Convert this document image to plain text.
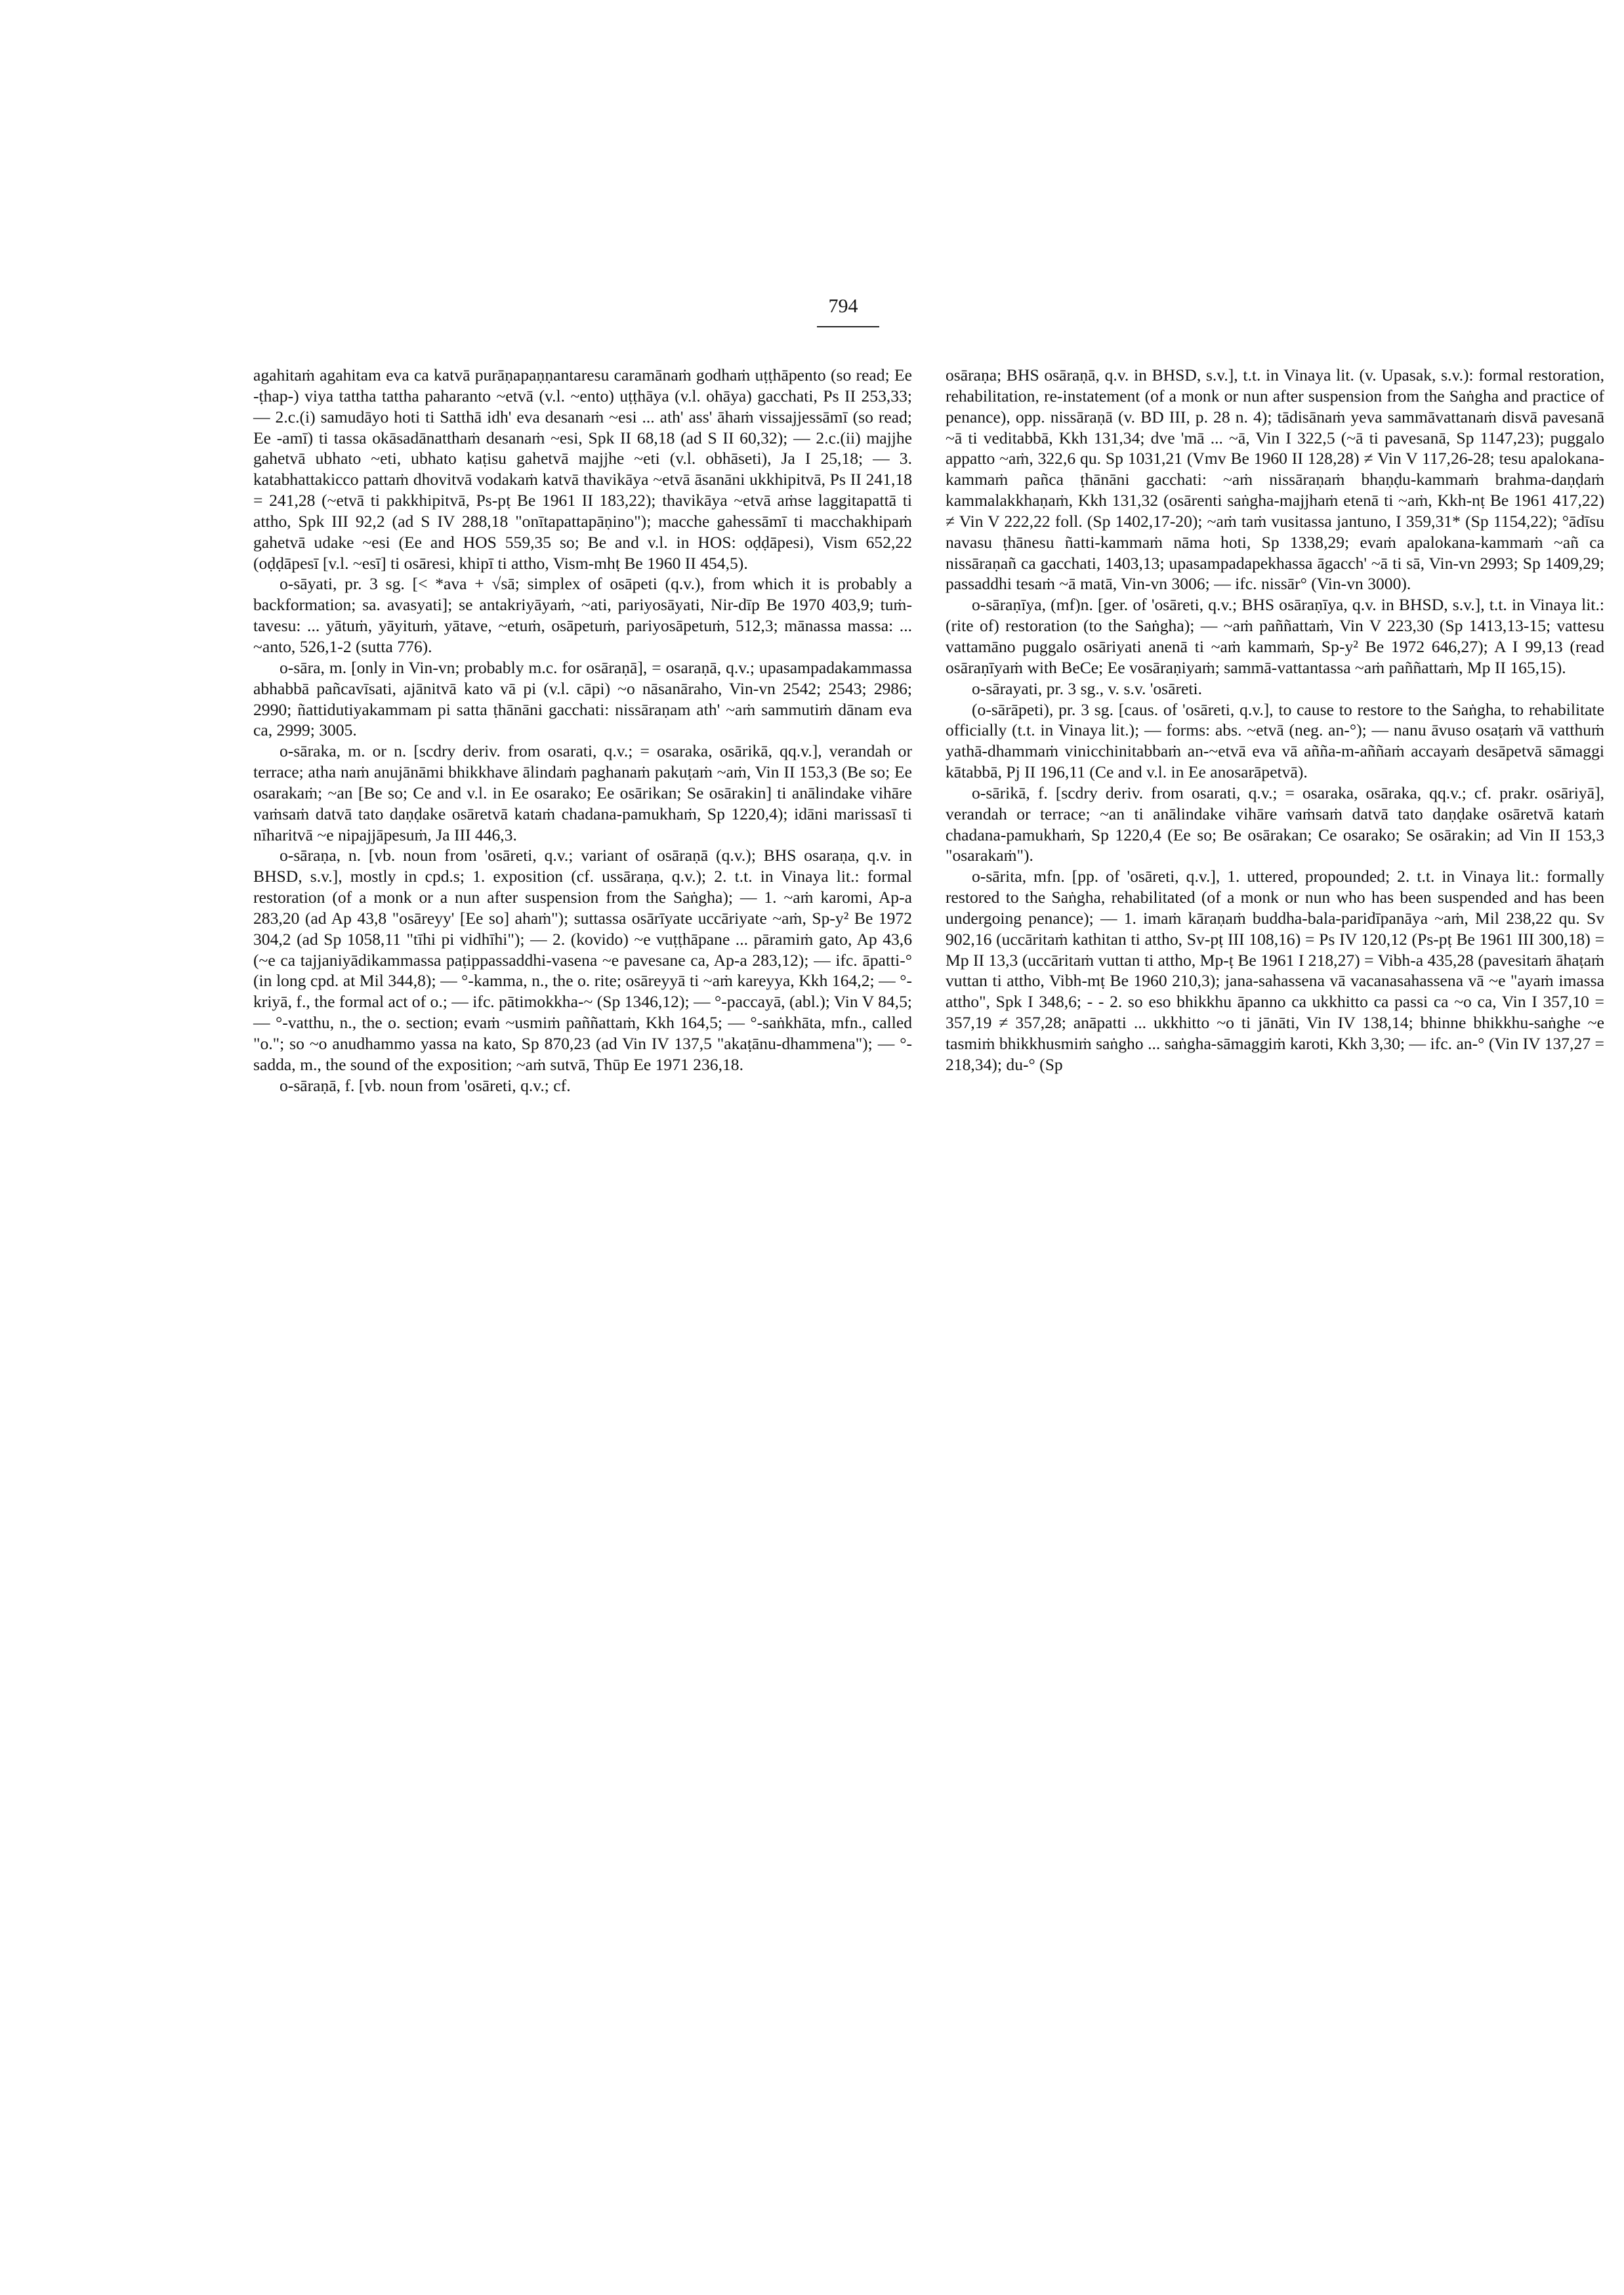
794

agahitaṁ agahitam eva ca katvā purāṇapaṇṇantaresu caramānaṁ godhaṁ uṭṭhāpento (so read; Ee -ṭhap-) viya tattha tattha paharanto ~etvā (v.l. ~ento) uṭṭhāya (v.l. ohāya) gacchati, Ps II 253,33; — 2.c.(i) samudāyo hoti ti Satthā idh' eva desanaṁ ~esi ... ath' ass' āhaṁ vissajjessāmī (so read; Ee -amī) ti tassa okāsadānatthaṁ desanaṁ ~esi, Spk II 68,18 (ad S II 60,32); — 2.c.(ii) majjhe gahetvā ubhato ~eti, ubhato kaṭisu gahetvā majjhe ~eti (v.l. obhāseti), Ja I 25,18; — 3. katabhattakicco pattaṁ dhovitvā vodakaṁ katvā thavikāya ~etvā āsanāni ukkhipitvā, Ps II 241,18 = 241,28 (~etvā ti pakkhipitvā, Ps-pṭ Be 1961 II 183,22); thavikāya ~etvā aṁse laggitapattā ti attho, Spk III 92,2 (ad S IV 288,18 "onītapattapāṇino"); macche gahessāmī ti macchakhipaṁ gahetvā udake ~esi (Ee and HOS 559,35 so; Be and v.l. in HOS: oḍḍāpesi), Vism 652,22 (oḍḍāpesī [v.l. ~esī] ti osāresi, khipī ti attho, Vism-mhṭ Be 1960 II 454,5).

o-sāyati, pr. 3 sg. [< *ava + √sā; simplex of osāpeti (q.v.), from which it is probably a backformation; sa. avasyati]; se antakriyāyaṁ, ~ati, pariyosāyati, Nir-dīp Be 1970 403,9; tuṁ-tavesu: ... yātuṁ, yāyituṁ, yātave, ~etuṁ, osāpetuṁ, pariyosāpetuṁ, 512,3; mānassa massa: ... ~anto, 526,1-2 (sutta 776).

o-sāra, m. [only in Vin-vn; probably m.c. for osāraṇā], = osaraṇā, q.v.; upasampadakammassa abhabbā pañcavīsati, ajānitvā kato vā pi (v.l. cāpi) ~o nāsanāraho, Vin-vn 2542; 2543; 2986; 2990; ñattidutiyakammam pi satta ṭhānāni gacchati: nissāraṇam ath' ~aṁ sammutiṁ dānam eva ca, 2999; 3005.

o-sāraka, m. or n. [scdry deriv. from osarati, q.v.; = osaraka, osārikā, qq.v.], verandah or terrace; atha naṁ anujānāmi bhikkhave ālindaṁ paghanaṁ pakuṭaṁ ~aṁ, Vin II 153,3 (Be so; Ee osarakaṁ; ~an [Be so; Ce and v.l. in Ee osarako; Ee osārikan; Se osārakin] ti anālindake vihāre vaṁsaṁ datvā tato daṇḍake osāretvā kataṁ chadana-pamukhaṁ, Sp 1220,4); idāni marissasī ti nīharitvā ~e nipajjāpesuṁ, Ja III 446,3.

o-sāraṇa, n. [vb. noun from 'osāreti, q.v.; variant of osāraṇā (q.v.); BHS osaraṇa, q.v. in BHSD, s.v.], mostly in cpd.s; 1. exposition (cf. ussāraṇa, q.v.); 2. t.t. in Vinaya lit.: formal restoration (of a monk or a nun after suspension from the Saṅgha); — 1. ~aṁ karomi, Ap-a 283,20 (ad Ap 43,8 "osāreyy' [Ee so] ahaṁ"); suttassa osārīyate uccāriyate ~aṁ, Sp-y² Be 1972 304,2 (ad Sp 1058,11 "tīhi pi vidhīhi"); — 2. (kovido) ~e vuṭṭhāpane ... pāramiṁ gato, Ap 43,6 (~e ca tajjaniyādikammassa paṭippassaddhi-vasena ~e pavesane ca, Ap-a 283,12); — ifc. āpatti-° (in long cpd. at Mil 344,8); — °-kamma, n., the o. rite; osāreyyā ti ~aṁ kareyya, Kkh 164,2; — °-kriyā, f., the formal act of o.; — ifc. pātimokkha-~ (Sp 1346,12); — °-paccayā, (abl.); Vin V 84,5; — °-vatthu, n., the o. section; evaṁ ~usmiṁ paññattaṁ, Kkh 164,5; — °-saṅkhāta, mfn., called "o."; so ~o anudhammo yassa na kato, Sp 870,23 (ad Vin IV 137,5 "akaṭānu-dhammena"); — °-sadda, m., the sound of the exposition; ~aṁ sutvā, Thūp Ee 1971 236,18.

o-sāraṇā, f. [vb. noun from 'osāreti, q.v.; cf.

osāraṇa; BHS osāraṇā, q.v. in BHSD, s.v.], t.t. in Vinaya lit. (v. Upasak, s.v.): formal restoration, rehabilitation, re-instatement (of a monk or nun after suspension from the Saṅgha and practice of penance), opp. nissāraṇā (v. BD III, p. 28 n. 4); tādisānaṁ yeva sammāvattanaṁ disvā pavesanā ~ā ti veditabbā, Kkh 131,34; dve 'mā ... ~ā, Vin I 322,5 (~ā ti pavesanā, Sp 1147,23); puggalo appatto ~aṁ, 322,6 qu. Sp 1031,21 (Vmv Be 1960 II 128,28) ≠ Vin V 117,26-28; tesu apalokana-kammaṁ pañca ṭhānāni gacchati: ~aṁ nissāraṇaṁ bhaṇḍu-kammaṁ brahma-daṇḍaṁ kammalakkhaṇaṁ, Kkh 131,32 (osārenti saṅgha-majjhaṁ etenā ti ~aṁ, Kkh-nṭ Be 1961 417,22) ≠ Vin V 222,22 foll. (Sp 1402,17-20); ~aṁ taṁ vusitassa jantuno, I 359,31* (Sp 1154,22); °ādīsu navasu ṭhānesu ñatti-kammaṁ nāma hoti, Sp 1338,29; evaṁ apalokana-kammaṁ ~añ ca nissāraṇañ ca gacchati, 1403,13; upasampadapekhassa āgacch' ~ā ti sā, Vin-vn 2993; Sp 1409,29; passaddhi tesaṁ ~ā matā, Vin-vn 3006; — ifc. nissār° (Vin-vn 3000).

o-sāraṇīya, (mf)n. [ger. of 'osāreti, q.v.; BHS osāraṇīya, q.v. in BHSD, s.v.], t.t. in Vinaya lit.: (rite of) restoration (to the Saṅgha); — ~aṁ paññattaṁ, Vin V 223,30 (Sp 1413,13-15; vattesu vattamāno puggalo osāriyati anenā ti ~aṁ kammaṁ, Sp-y² Be 1972 646,27); A I 99,13 (read osāraṇīyaṁ with BeCe; Ee vosāraṇiyaṁ; sammā-vattantassa ~aṁ paññattaṁ, Mp II 165,15).

o-sārayati, pr. 3 sg., v. s.v. 'osāreti.

(o-sārāpeti), pr. 3 sg. [caus. of 'osāreti, q.v.], to cause to restore to the Saṅgha, to rehabilitate officially (t.t. in Vinaya lit.); — forms: abs. ~etvā (neg. an-°); — nanu āvuso osaṭaṁ vā vatthuṁ yathā-dhammaṁ vinicchinitabbaṁ an-~etvā eva vā añña-m-aññaṁ accayaṁ desāpetvā sāmaggi kātabbā, Pj II 196,11 (Ce and v.l. in Ee anosarāpetvā).

o-sārikā, f. [scdry deriv. from osarati, q.v.; = osaraka, osāraka, qq.v.; cf. prakr. osāriyā], verandah or terrace; ~an ti anālindake vihāre vaṁsaṁ datvā tato daṇḍake osāretvā kataṁ chadana-pamukhaṁ, Sp 1220,4 (Ee so; Be osārakan; Ce osarako; Se osārakin; ad Vin II 153,3 "osarakaṁ").

o-sārita, mfn. [pp. of 'osāreti, q.v.], 1. uttered, propounded; 2. t.t. in Vinaya lit.: formally restored to the Saṅgha, rehabilitated (of a monk or nun who has been suspended and has been undergoing penance); — 1. imaṁ kāraṇaṁ buddha-bala-paridīpanāya ~aṁ, Mil 238,22 qu. Sv 902,16 (uccāritaṁ kathitan ti attho, Sv-pṭ III 108,16) = Ps IV 120,12 (Ps-pṭ Be 1961 III 300,18) = Mp II 13,3 (uccāritaṁ vuttan ti attho, Mp-ṭ Be 1961 I 218,27) = Vibh-a 435,28 (pavesitaṁ āhaṭaṁ vuttan ti attho, Vibh-mṭ Be 1960 210,3); jana-sahassena vā vacanasahassena vā ~e "ayaṁ imassa attho", Spk I 348,6; - - 2. so eso bhikkhu āpanno ca ukkhitto ca passi ca ~o ca, Vin I 357,10 = 357,19 ≠ 357,28; anāpatti ... ukkhitto ~o ti jānāti, Vin IV 138,14; bhinne bhikkhu-saṅghe ~e tasmiṁ bhikkhusmiṁ saṅgho ... saṅgha-sāmaggiṁ karoti, Kkh 3,30; — ifc. an-° (Vin IV 137,27 = 218,34); du-° (Sp
